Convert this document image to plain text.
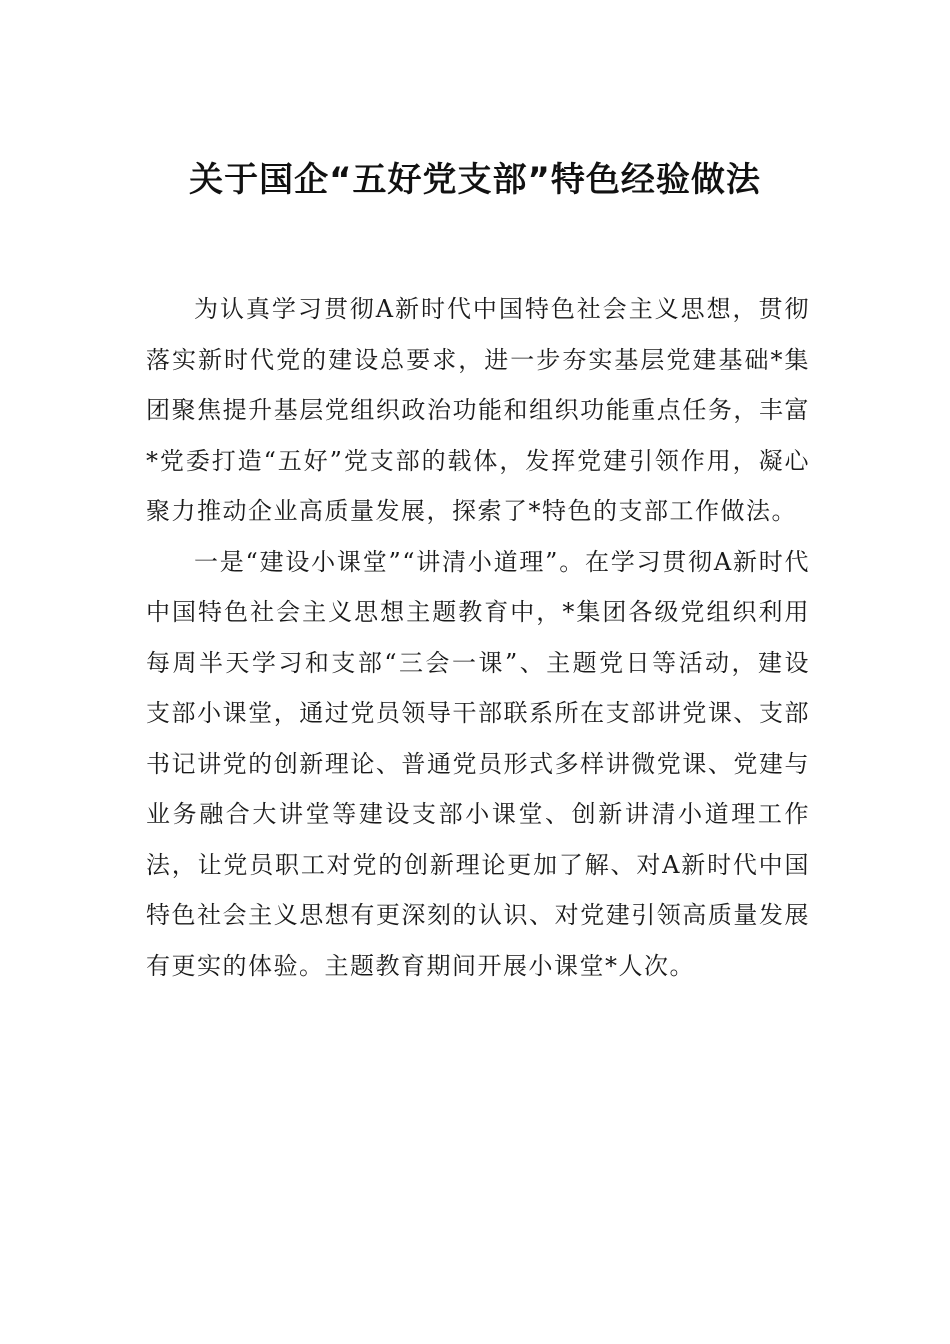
关于国企“五好党支部”特色经验做法

为认真学习贯彻A新时代中国特色社会主义思想，贯彻落实新时代党的建设总要求，进一步夯实基层党建基础*集团聚焦提升基层党组织政治功能和组织功能重点任务，丰富*党委打造“五好”党支部的载体，发挥党建引领作用，凝心聚力推动企业高质量发展，探索了*特色的支部工作做法。

一是“建设小课堂”“讲清小道理”。在学习贯彻A新时代中国特色社会主义思想主题教育中，*集团各级党组织利用每周半天学习和支部“三会一课”、主题党日等活动，建设支部小课堂，通过党员领导干部联系所在支部讲党课、支部书记讲党的创新理论、普通党员形式多样讲微党课、党建与业务融合大讲堂等建设支部小课堂、创新讲清小道理工作法，让党员职工对党的创新理论更加了解、对A新时代中国特色社会主义思想有更深刻的认识、对党建引领高质量发展有更实的体验。主题教育期间开展小课堂*人次。
